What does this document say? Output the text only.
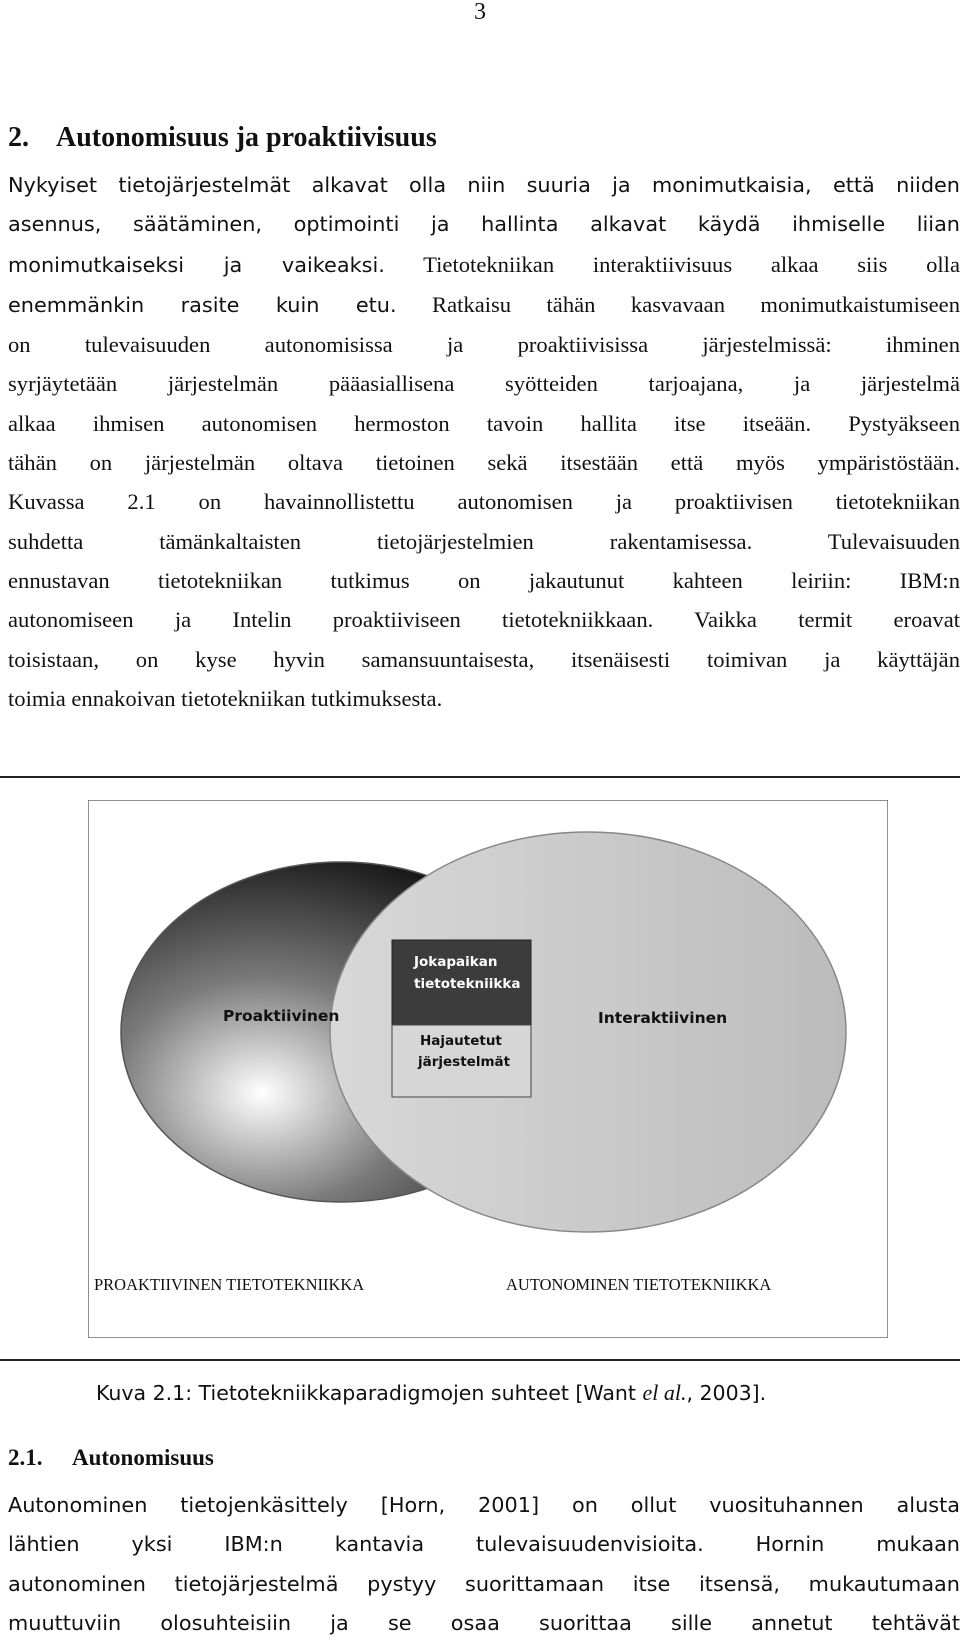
3
2. Autonomisuus ja proaktiivisuus
Nykyiset tietojärjestelmät alkavat olla niin suuria ja monimutkaisia, että niiden
asennus, säätäminen, optimointi ja hallinta alkavat käydä ihmiselle liian
monimutkaiseksi ja vaikeaksi. Tietotekniikan interaktiivisuus alkaa siis olla
enemmänkin rasite kuin etu. Ratkaisu tähän kasvavaan monimutkaistumiseen
on tulevaisuuden autonomisissa ja proaktiivisissa järjestelmissä: ihminen
syrjäytetään järjestelmän pääasiallisena syötteiden tarjoajana, ja järjestelmä
alkaa ihmisen autonomisen hermoston tavoin hallita itse itseään. Pystyäkseen
tähän on järjestelmän oltava tietoinen sekä itsestään että myös ympäristöstään.
Kuvassa 2.1 on havainnollistettu autonomisen ja proaktiivisen tietotekniikan
suhdetta tämänkaltaisten tietojärjestelmien rakentamisessa. Tulevaisuuden
ennustavan tietotekniikan tutkimus on jakautunut kahteen leiriin: IBM:n
autonomiseen ja Intelin proaktiiviseen tietotekniikkaan. Vaikka termit eroavat
toisistaan, on kyse hyvin samansuuntaisesta, itsenäisesti toimivan ja käyttäjän
toimia ennakoivan tietotekniikan tutkimuksesta.
Jokapaikan
tietotekniikka
Hajautetut
järjestelmät
Proaktiivinen	Interaktiivinen
PROAKTIIVINEN TIETOTEKNIIKKA	AUTONOMINEN TIETOTEKNIIKKA
Kuva 2.1: Tietotekniikkaparadigmojen suhteet [Want el al., 2003].
2.1. Autonomisuus
Autonominen tietojenkäsittely [Horn, 2001] on ollut vuosituhannen alusta
lähtien yksi IBM:n kantavia tulevaisuudenvisioita. Hornin mukaan
autonominen tietojärjestelmä pystyy suorittamaan itse itsensä, mukautumaan
muuttuviin olosuhteisiin ja se osaa suorittaa sille annetut tehtävät
